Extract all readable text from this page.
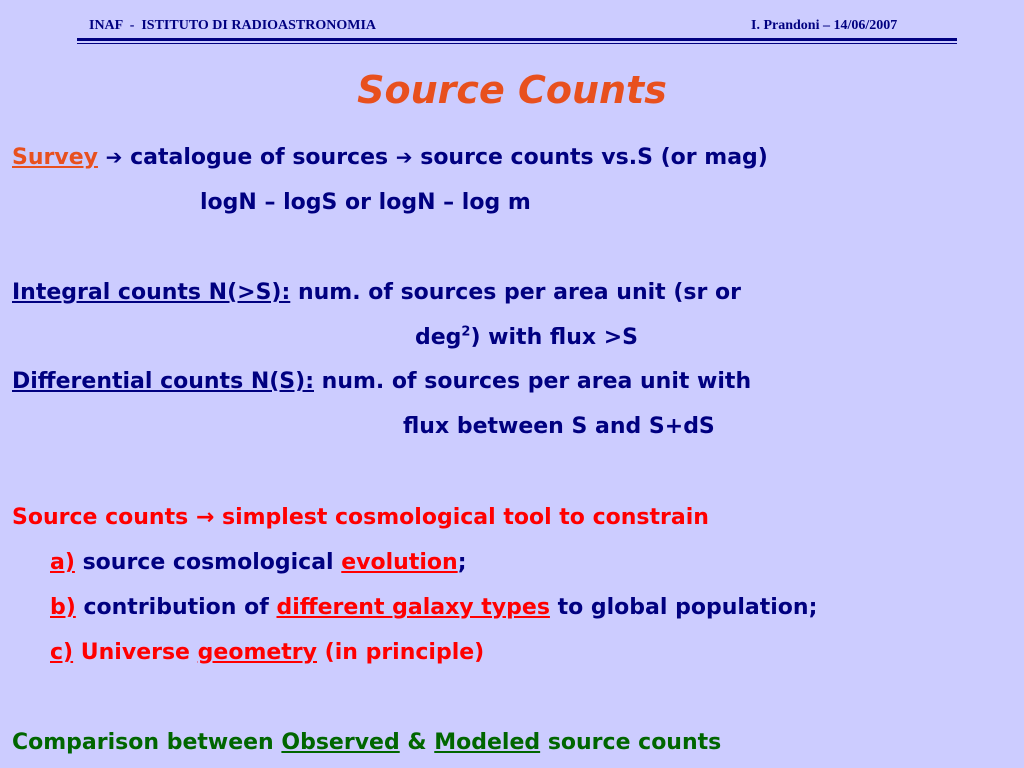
INAF  -  ISTITUTO DI RADIOASTRONOMIA	I. Prandoni – 14/06/2007
Source Counts
Survey ➔ catalogue of sources ➔ source counts vs.S (or mag)
logN – logS or logN – log m
Integral counts N(>S): num. of sources per area unit (sr or
deg$^2$) with flux >S
Differential counts N(S): num. of sources per area unit with
flux between S and S+dS
Source counts → simplest cosmological tool to constrain
a) source cosmological evolution;
b) contribution of different galaxy types to global population;
c) Universe geometry (in principle)
Comparison between Observed & Modeled source counts
